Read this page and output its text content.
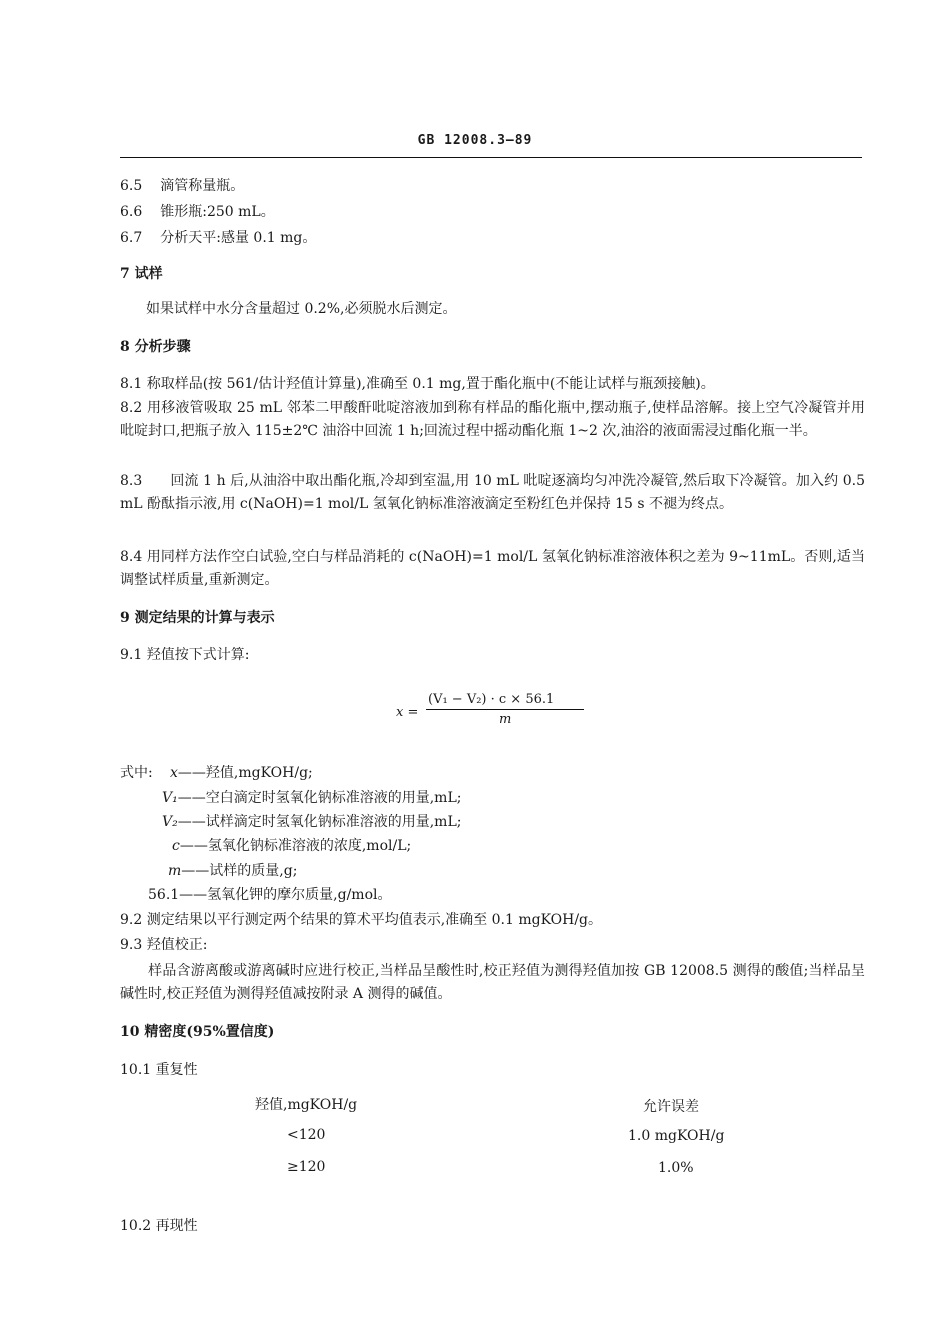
GB 12008.3—89
6.5 滴管称量瓶。
6.6 锥形瓶:250 mL。
6.7 分析天平:感量 0.1 mg。
7 试样
如果试样中水分含量超过 0.2%,必须脱水后测定。
8 分析步骤
8.1 称取样品(按 561/估计羟值计算量),准确至 0.1 mg,置于酯化瓶中(不能让试样与瓶颈接触)。
8.2 用移液管吸取 25 mL 邻苯二甲酸酐吡啶溶液加到称有样品的酯化瓶中,摆动瓶子,使样品溶解。接上空气冷凝管并用吡啶封口,把瓶子放入 115±2℃ 油浴中回流 1 h;回流过程中摇动酯化瓶 1~2 次,油浴的液面需浸过酯化瓶一半。
8.3 回流 1 h 后,从油浴中取出酯化瓶,冷却到室温,用 10 mL 吡啶逐滴均匀冲洗冷凝管,然后取下冷凝管。加入约 0.5 mL 酚酞指示液,用 c(NaOH)=1 mol/L 氢氧化钠标准溶液滴定至粉红色并保持 15 s 不褪为终点。
8.4 用同样方法作空白试验,空白与样品消耗的 c(NaOH)=1 mol/L 氢氧化钠标准溶液体积之差为 9~11mL。否则,适当调整试样质量,重新测定。
9 测定结果的计算与表示
9.1 羟值按下式计算:
x =
(V₁ − V₂) · c × 56.1
m
式中: x——羟值,mgKOH/g;
V₁——空白滴定时氢氧化钠标准溶液的用量,mL;
V₂——试样滴定时氢氧化钠标准溶液的用量,mL;
c——氢氧化钠标准溶液的浓度,mol/L;
m——试样的质量,g;
56.1——氢氧化钾的摩尔质量,g/mol。
9.2 测定结果以平行测定两个结果的算术平均值表示,准确至 0.1 mgKOH/g。
9.3 羟值校正:
样品含游离酸或游离碱时应进行校正,当样品呈酸性时,校正羟值为测得羟值加按 GB 12008.5 测得的酸值;当样品呈碱性时,校正羟值为测得羟值减按附录 A 测得的碱值。
10 精密度(95%置信度)
10.1 重复性
羟值,mgKOH/g	允许误差
<120	1.0 mgKOH/g
≥120	1.0%
10.2 再现性
